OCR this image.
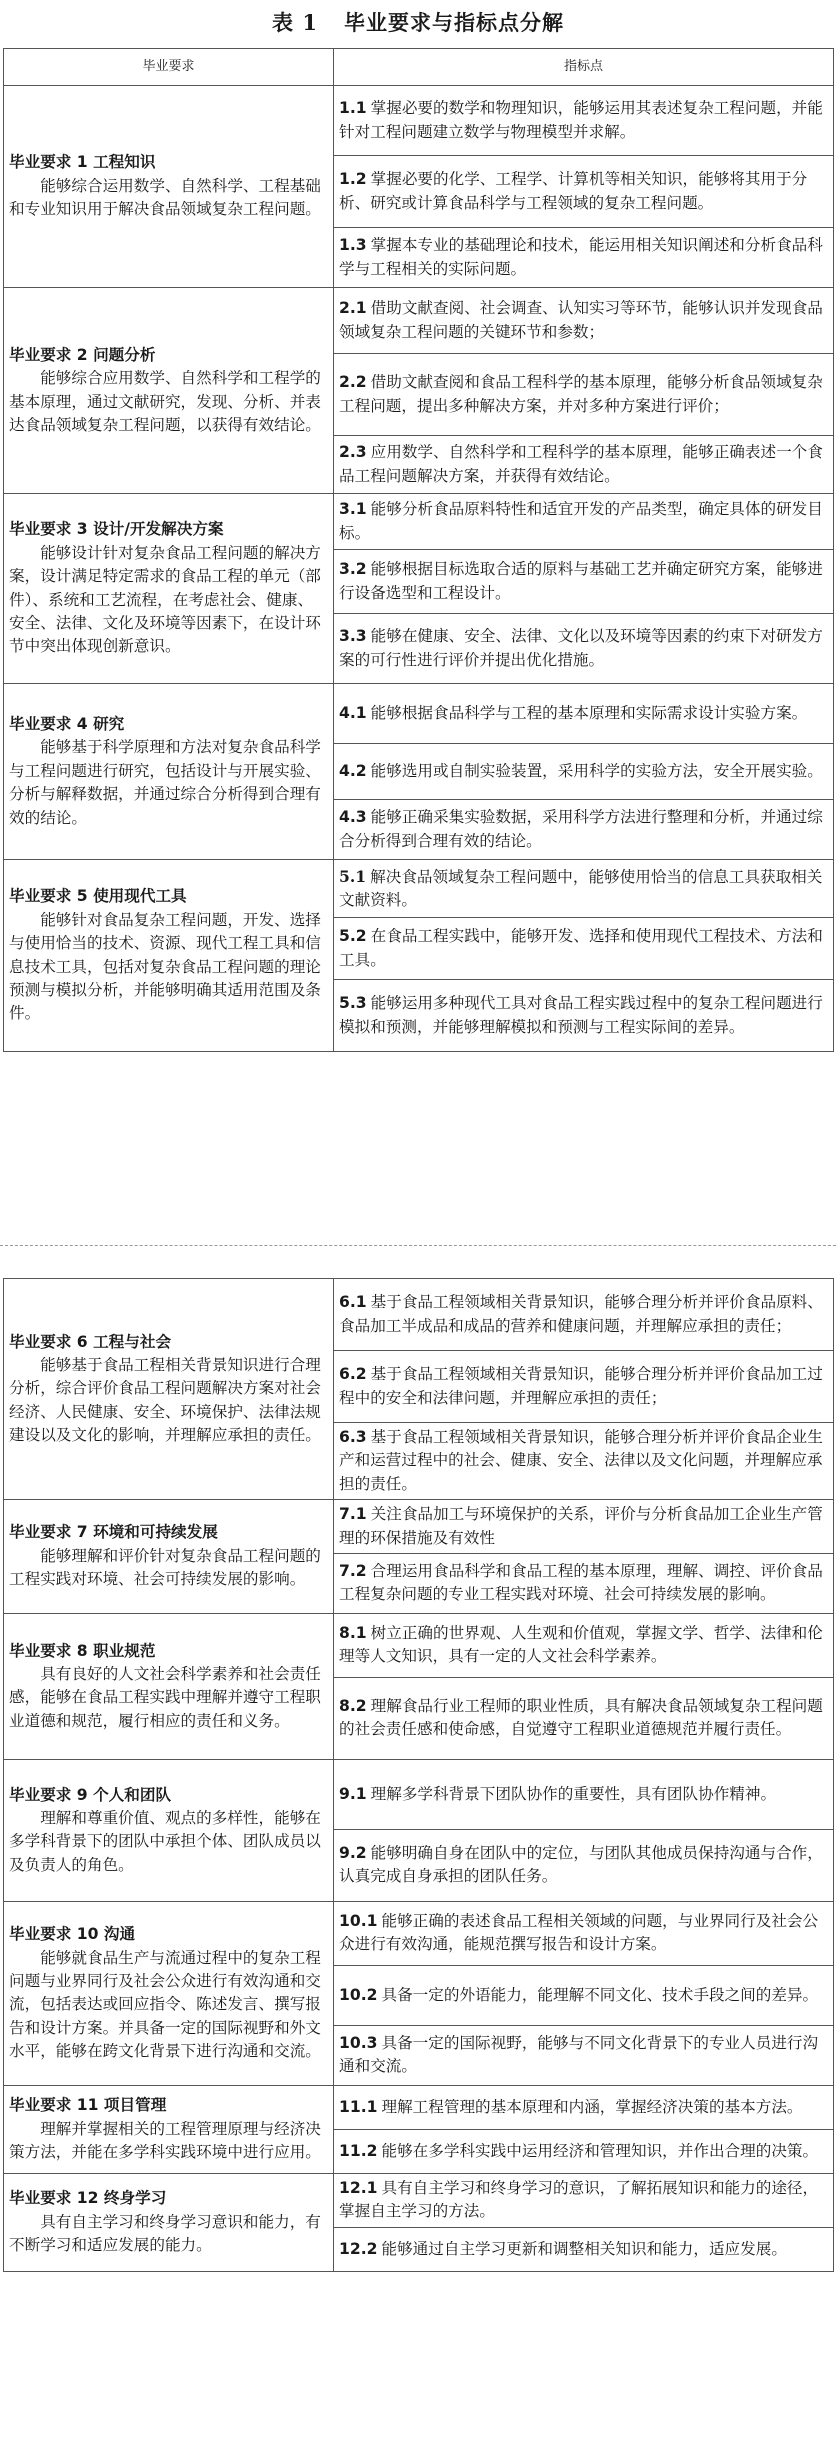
表 1 毕业要求与指标点分解
毕业要求	指标点

毕业要求 1 工程知识
能够综合运用数学、自然科学、工程基础和专业知识用于解决食品领域复杂工程问题。	1.1 掌握必要的数学和物理知识，能够运用其表述复杂工程问题，并能针对工程问题建立数学与物理模型并求解。

	1.2 掌握必要的化学、工程学、计算机等相关知识，能够将其用于分析、研究或计算食品科学与工程领域的复杂工程问题。

	1.3 掌握本专业的基础理论和技术，能运用相关知识阐述和分析食品科学与工程相关的实际问题。

毕业要求 2 问题分析
能够综合应用数学、自然科学和工程学的基本原理，通过文献研究，发现、分析、并表达食品领域复杂工程问题，以获得有效结论。	2.1 借助文献查阅、社会调查、认知实习等环节，能够认识并发现食品领域复杂工程问题的关键环节和参数；

	2.2 借助文献查阅和食品工程科学的基本原理，能够分析食品领域复杂工程问题，提出多种解决方案，并对多种方案进行评价；

	2.3 应用数学、自然科学和工程科学的基本原理，能够正确表述一个食品工程问题解决方案，并获得有效结论。

毕业要求 3 设计/开发解决方案
能够设计针对复杂食品工程问题的解决方案，设计满足特定需求的食品工程的单元（部件）、系统和工艺流程，在考虑社会、健康、安全、法律、文化及环境等因素下，在设计环节中突出体现创新意识。	3.1 能够分析食品原料特性和适宜开发的产品类型，确定具体的研发目标。

	3.2 能够根据目标选取合适的原料与基础工艺并确定研究方案，能够进行设备选型和工程设计。

	3.3 能够在健康、安全、法律、文化以及环境等因素的约束下对研发方案的可行性进行评价并提出优化措施。

毕业要求 4 研究
能够基于科学原理和方法对复杂食品科学与工程问题进行研究，包括设计与开展实验、分析与解释数据，并通过综合分析得到合理有效的结论。	4.1 能够根据食品科学与工程的基本原理和实际需求设计实验方案。

	4.2 能够选用或自制实验装置，采用科学的实验方法，安全开展实验。

	4.3 能够正确采集实验数据，采用科学方法进行整理和分析，并通过综合分析得到合理有效的结论。

毕业要求 5 使用现代工具
能够针对食品复杂工程问题，开发、选择与使用恰当的技术、资源、现代工程工具和信息技术工具，包括对复杂食品工程问题的理论预测与模拟分析，并能够明确其适用范围及条件。	5.1 解决食品领域复杂工程问题中，能够使用恰当的信息工具获取相关文献资料。

	5.2 在食品工程实践中，能够开发、选择和使用现代工程技术、方法和工具。

	5.3 能够运用多种现代工具对食品工程实践过程中的复杂工程问题进行模拟和预测，并能够理解模拟和预测与工程实际间的差异。
毕业要求 6 工程与社会
能够基于食品工程相关背景知识进行合理分析，综合评价食品工程问题解决方案对社会经济、人民健康、安全、环境保护、法律法规建设以及文化的影响，并理解应承担的责任。	6.1 基于食品工程领域相关背景知识，能够合理分析并评价食品原料、食品加工半成品和成品的营养和健康问题，并理解应承担的责任；

	6.2 基于食品工程领域相关背景知识，能够合理分析并评价食品加工过程中的安全和法律问题，并理解应承担的责任；

	6.3 基于食品工程领域相关背景知识，能够合理分析并评价食品企业生产和运营过程中的社会、健康、安全、法律以及文化问题，并理解应承担的责任。

毕业要求 7 环境和可持续发展
能够理解和评价针对复杂食品工程问题的工程实践对环境、社会可持续发展的影响。	7.1 关注食品加工与环境保护的关系，评价与分析食品加工企业生产管理的环保措施及有效性

	7.2 合理运用食品科学和食品工程的基本原理，理解、调控、评价食品工程复杂问题的专业工程实践对环境、社会可持续发展的影响。

毕业要求 8 职业规范
具有良好的人文社会科学素养和社会责任感，能够在食品工程实践中理解并遵守工程职业道德和规范，履行相应的责任和义务。	8.1 树立正确的世界观、人生观和价值观，掌握文学、哲学、法律和伦理等人文知识，具有一定的人文社会科学素养。

	8.2 理解食品行业工程师的职业性质，具有解决食品领域复杂工程问题的社会责任感和使命感，自觉遵守工程职业道德规范并履行责任。

毕业要求 9 个人和团队
理解和尊重价值、观点的多样性，能够在多学科背景下的团队中承担个体、团队成员以及负责人的角色。	9.1 理解多学科背景下团队协作的重要性，具有团队协作精神。

	9.2 能够明确自身在团队中的定位，与团队其他成员保持沟通与合作，认真完成自身承担的团队任务。

毕业要求 10 沟通
能够就食品生产与流通过程中的复杂工程问题与业界同行及社会公众进行有效沟通和交流，包括表达或回应指令、陈述发言、撰写报告和设计方案。并具备一定的国际视野和外文水平，能够在跨文化背景下进行沟通和交流。	10.1 能够正确的表述食品工程相关领域的问题，与业界同行及社会公众进行有效沟通，能规范撰写报告和设计方案。

	10.2 具备一定的外语能力，能理解不同文化、技术手段之间的差异。

	10.3 具备一定的国际视野，能够与不同文化背景下的专业人员进行沟通和交流。

毕业要求 11 项目管理
理解并掌握相关的工程管理原理与经济决策方法，并能在多学科实践环境中进行应用。	11.1 理解工程管理的基本原理和内涵，掌握经济决策的基本方法。

	11.2 能够在多学科实践中运用经济和管理知识，并作出合理的决策。

毕业要求 12 终身学习
具有自主学习和终身学习意识和能力，有不断学习和适应发展的能力。	12.1 具有自主学习和终身学习的意识，了解拓展知识和能力的途径，掌握自主学习的方法。

	12.2 能够通过自主学习更新和调整相关知识和能力，适应发展。
